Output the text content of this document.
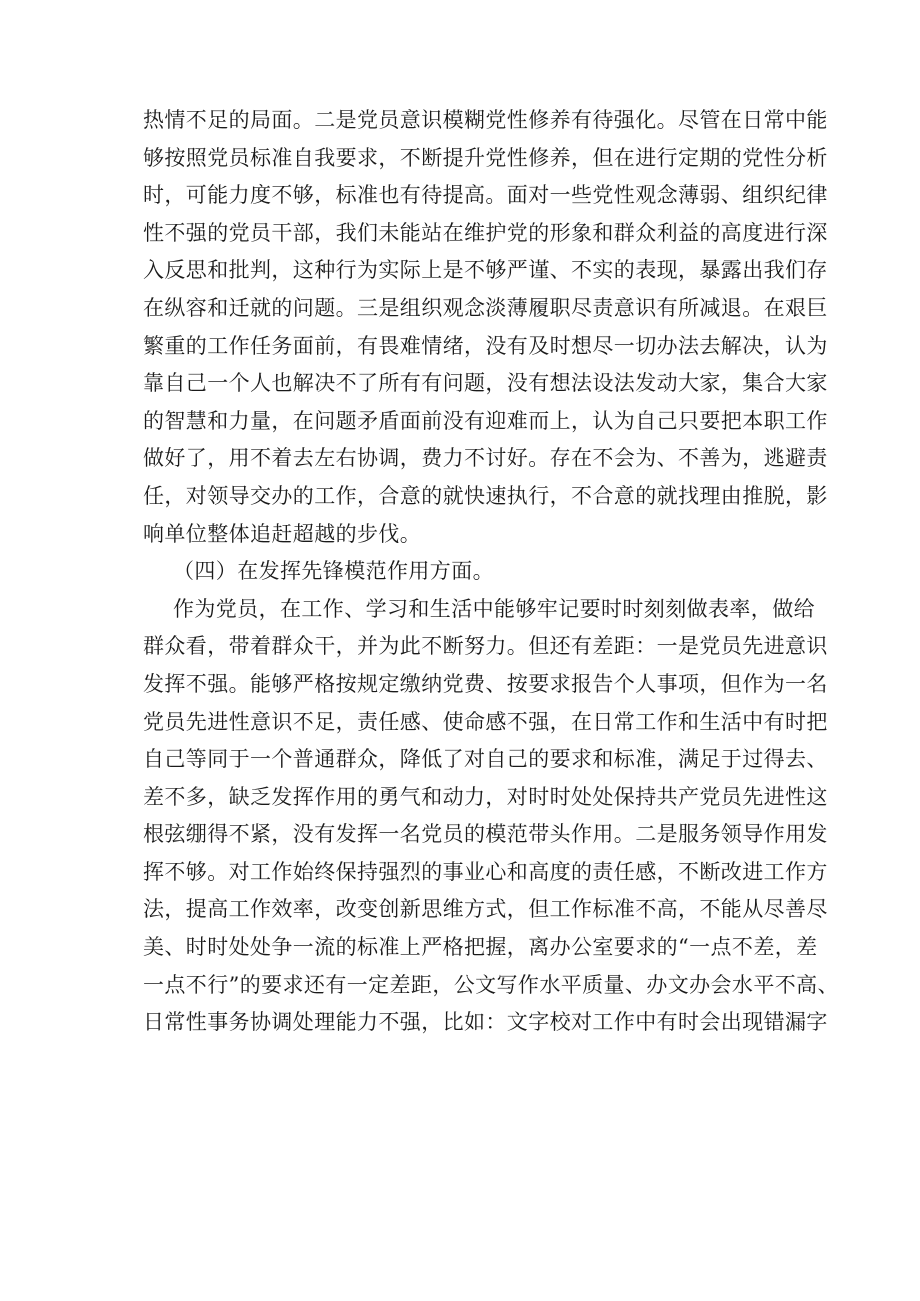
热情不足的局面。二是党员意识模糊党性修养有待强化。尽管在日常中能
够按照党员标准自我要求，不断提升党性修养，但在进行定期的党性分析
时，可能力度不够，标准也有待提高。面对一些党性观念薄弱、组织纪律
性不强的党员干部，我们未能站在维护党的形象和群众利益的高度进行深
入反思和批判，这种行为实际上是不够严谨、不实的表现，暴露出我们存
在纵容和迁就的问题。三是组织观念淡薄履职尽责意识有所减退。在艰巨
繁重的工作任务面前，有畏难情绪，没有及时想尽一切办法去解决，认为
靠自己一个人也解决不了所有有问题，没有想法设法发动大家，集合大家
的智慧和力量，在问题矛盾面前没有迎难而上，认为自己只要把本职工作
做好了，用不着去左右协调，费力不讨好。存在不会为、不善为，逃避责
任，对领导交办的工作，合意的就快速执行，不合意的就找理由推脱，影
响单位整体追赶超越的步伐。
（四）在发挥先锋模范作用方面。
作为党员，在工作、学习和生活中能够牢记要时时刻刻做表率，做给
群众看，带着群众干，并为此不断努力。但还有差距：一是党员先进意识
发挥不强。能够严格按规定缴纳党费、按要求报告个人事项，但作为一名
党员先进性意识不足，责任感、使命感不强，在日常工作和生活中有时把
自己等同于一个普通群众，降低了对自己的要求和标准，满足于过得去、
差不多，缺乏发挥作用的勇气和动力，对时时处处保持共产党员先进性这
根弦绷得不紧，没有发挥一名党员的模范带头作用。二是服务领导作用发
挥不够。对工作始终保持强烈的事业心和高度的责任感，不断改进工作方
法，提高工作效率，改变创新思维方式，但工作标准不高，不能从尽善尽
美、时时处处争一流的标准上严格把握，离办公室要求的“一点不差，差
一点不行”的要求还有一定差距，公文写作水平质量、办文办会水平不高、
日常性事务协调处理能力不强，比如：文字校对工作中有时会出现错漏字
